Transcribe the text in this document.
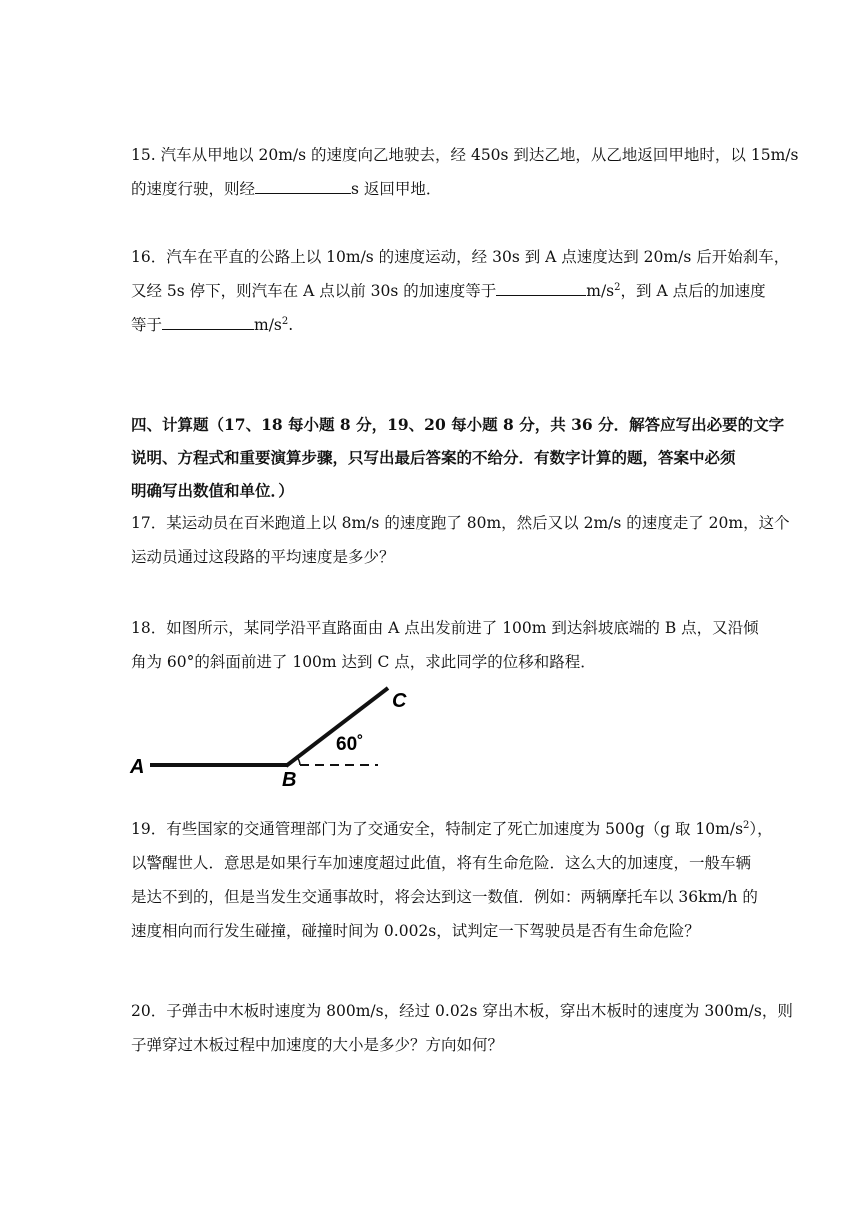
15. 汽车从甲地以 20m/s 的速度向乙地驶去，经 450s 到达乙地，从乙地返回甲地时，以 15m/s
的速度行驶，则经	s 返回甲地．
16．汽车在平直的公路上以 10m/s 的速度运动，经 30s 到 A 点速度达到 20m/s 后开始刹车，
又经 5s 停下，则汽车在 A 点以前 30s 的加速度等于	$m/s^2$，到 A 点后的加速度
等于	$m/s^2$.
四、计算题（17、18 每小题 8 分，19、20 每小题 8 分，共 36 分．解答应写出必要的文字
说明、方程式和重要演算步骤，只写出最后答案的不给分．有数字计算的题，答案中必须
明确写出数值和单位．）
17．某运动员在百米跑道上以 8m/s 的速度跑了 80m，然后又以 2m/s 的速度走了 20m，这个
运动员通过这段路的平均速度是多少？
18．如图所示，某同学沿平直路面由 A 点出发前进了 100m 到达斜坡底端的 B 点，又沿倾
角为 60°的斜面前进了 100m 达到 C 点，求此同学的位移和路程．
A
B
C
60˚
19．有些国家的交通管理部门为了交通安全，特制定了死亡加速度为 500g（g 取 $10m/s^2$），
以警醒世人．意思是如果行车加速度超过此值，将有生命危险．这么大的加速度，一般车辆
是达不到的，但是当发生交通事故时，将会达到这一数值．例如：两辆摩托车以 36km/h 的
速度相向而行发生碰撞，碰撞时间为 0.002s，试判定一下驾驶员是否有生命危险？
20．子弹击中木板时速度为 800m/s，经过 0.02s 穿出木板，穿出木板时的速度为 300m/s，则
子弹穿过木板过程中加速度的大小是多少？方向如何？
